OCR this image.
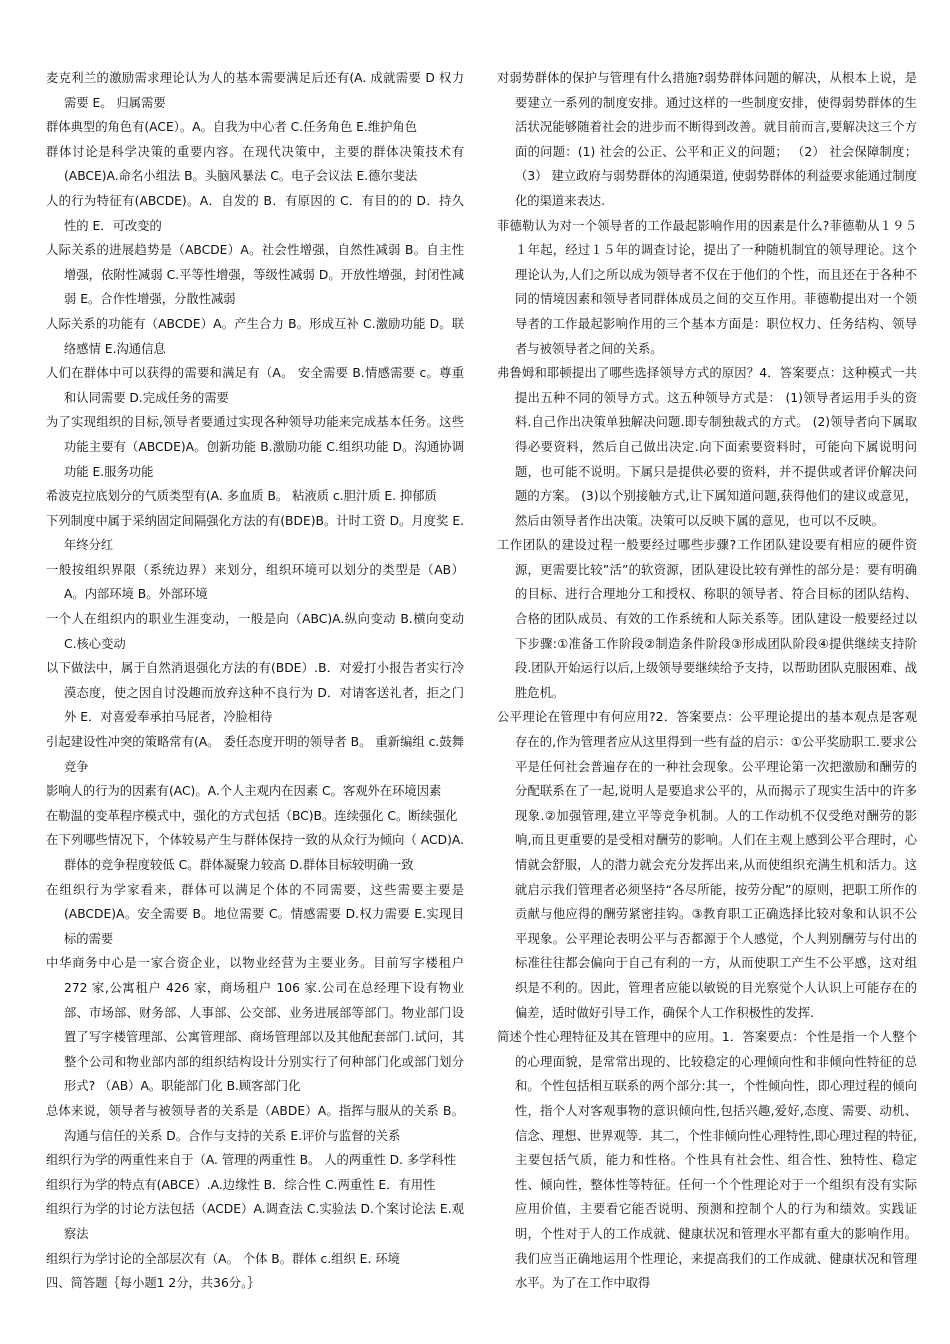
麦克利兰的激励需求理论认为人的基本需要满足后还有(A. 成就需要 D 权力需要 E。 归属需要

群体典型的角色有(ACE）。A。自我为中心者 C.任务角色 E.维护角色

群体讨论是科学决策的重要内容。在现代决策中，主要的群体决策技术有(ABCE)A.命名小组法 B。头脑风暴法 C。电子会议法 E.德尔斐法

人的行为特征有(ABCDE)。A．自发的 B．有原因的 C．有目的的 D．持久性的 E．可改变的

人际关系的进展趋势是（ABCDE）A。社会性增强，自然性减弱 B。自主性增强，依附性减弱 C.平等性增强，等级性减弱 D。开放性增强，封闭性减弱 E。合作性增强，分散性减弱

人际关系的功能有（ABCDE）A。产生合力 B。形成互补 C.激励功能 D。联络感情 E.沟通信息

人们在群体中可以获得的需要和满足有（A。 安全需要 B.情感需要 c。尊重和认同需要 D.完成任务的需要

为了实现组织的目标,领导者要通过实现各种领导功能来完成基本任务。这些功能主要有（ABCDE)A。创新功能 B.激励功能 C.组织功能 D。沟通协调功能 E.服务功能

希波克拉底划分的气质类型有(A. 多血质 B。 粘液质 c.胆汁质 E. 抑郁质

下列制度中属于采纳固定间隔强化方法的有(BDE)B。计时工资 D。月度奖 E.年终分红

一般按组织界限（系统边界）来划分，组织环境可以划分的类型是（AB）A。内部环境 B。外部环境

一个人在组织内的职业生涯变动，一般是向（ABC)A.纵向变动 B.横向变动 C.核心变动

以下做法中，属于自然消退强化方法的有(BDE）.B．对爱打小报告者实行冷漠态度，使之因自讨没趣而放弃这种不良行为 D．对请客送礼者，拒之门外 E．对喜爱奉承拍马屁者，冷脸相待

引起建设性冲突的策略常有(A。 委任态度开明的领导者 B。 重新编组 c.鼓舞竞争

影响人的行为的因素有(AC)。A.个人主观内在因素 C。客观外在环境因素

在勒温的变革程序模式中，强化的方式包括（BC)B。连续强化 C。断续强化

在下列哪些情况下，个体较易产生与群体保持一致的从众行为倾向（ ACD)A.群体的竞争程度较低 C。群体凝聚力较高 D.群体目标较明确一致

在组织行为学家看来，群体可以满足个体的不同需要，这些需要主要是(ABCDE)A。安全需要 B。地位需要 C。情感需要 D.权力需要 E.实现目标的需要

中华商务中心是一家合资企业，以物业经营为主要业务。目前写字楼租户 272 家,公寓租户 426 家，商场租户 106 家.公司在总经理下设有物业部、市场部、财务部、人事部、公交部、业务进展部等部门。物业部门设置了写字楼管理部、公寓管理部、商场管理部以及其他配套部门.试问，其整个公司和物业部内部的组织结构设计分别实行了何种部门化或部门划分形式? （AB）A。职能部门化 B.顾客部门化

总体来说，领导者与被领导者的关系是（ABDE）A。指挥与服从的关系 B。沟通与信任的关系 D。合作与支持的关系 E.评价与监督的关系

组织行为学的两重性来自于（A. 管理的两重性 B。 人的两重性 D. 多学科性

组织行为学的特点有(ABCE）.A.边缘性 B．综合性 C.两重性 E．有用性

组织行为学的讨论方法包括（ACDE）A.调查法 C.实验法 D.个案讨论法 E.观察法

组织行为学讨论的全部层次有（A。 个体 B。群体 c.组织 E. 环境

四、简答题｛每小题1 2分，共36分。｝

对弱势群体的保护与管理有什么措施?弱势群体问题的解决，从根本上说，是要建立一系列的制度安排。通过这样的一些制度安排，使得弱势群体的生活状况能够随着社会的进步而不断得到改善。就目前而言,要解决这三个方面的问题：(1) 社会的公正、公平和正义的问题； （2） 社会保障制度； （3） 建立政府与弱势群体的沟通渠道, 使弱势群体的利益要求能通过制度化的渠道来表达.

菲德勒认为对一个领导者的工作最起影响作用的因素是什么?菲德勒从１９５１年起，经过１５年的调查讨论，提出了一种随机制宜的领导理论。这个理论认为,人们之所以成为领导者不仅在于他们的个性，而且还在于各种不同的情境因素和领导者同群体成员之间的交互作用。菲德勒提出对一个领导者的工作最起影响作用的三个基本方面是：职位权力、任务结构、领导者与被领导者之间的关系。

弗鲁姆和耶顿提出了哪些选择领导方式的原因？4．答案要点：这种模式一共提出五种不同的领导方式。这五种领导方式是： (1)领导者运用手头的资料.自己作出决策单独解决问题.即专制独裁式的方式。 (2)领导者向下属取得必要资料，然后自己做出决定.向下面索要资料时，可能向下属说明问题，也可能不说明。下属只是提供必要的资料，并不提供或者评价解决问题的方案。 (3)以个别接触方式,让下属知道问题,获得他们的建议或意见，然后由领导者作出决策。决策可以反映下属的意见，也可以不反映。

工作团队的建设过程一般要经过哪些步骤?工作团队建设要有相应的硬件资源，更需要比较”活”的软资源，团队建设比较有弹性的部分是：要有明确的目标、进行合理地分工和授权、称职的领导者、符合目标的团队结构、合格的团队成员、有效的工作系统和人际关系等。团队建设一般要经过以下步骤:①准备工作阶段②制造条件阶段③形成团队阶段④提供继续支持阶段.团队开始运行以后,上级领导要继续给予支持，以帮助团队克服困难、战胜危机。

公平理论在管理中有何应用?2．答案要点：公平理论提出的基本观点是客观存在的,作为管理者应从这里得到一些有益的启示：①公平奖励职工.要求公平是任何社会普遍存在的一种社会现象。公平理论第一次把激励和酬劳的分配联系在了一起,说明人是要追求公平的，从而揭示了现实生活中的许多现象.②加强管理,建立平等竞争机制。人的工作动机不仅受绝对酬劳的影响,而且更重要的是受相对酬劳的影响。人们在主观上感到公平合理时，心情就会舒服，人的潜力就会充分发挥出来,从而使组织充满生机和活力。这就启示我们管理者必须坚持“各尽所能，按劳分配”的原则，把职工所作的贡献与他应得的酬劳紧密挂钩。③教育职工正确选择比较对象和认识不公平现象。公平理论表明公平与否都源于个人感觉，个人判别酬劳与付出的标准往往都会偏向于自己有利的一方，从而使职工产生不公平感，这对组织是不利的。因此，管理者应能以敏锐的目光察觉个人认识上可能存在的偏差，适时做好引导工作，确保个人工作积极性的发挥.

简述个性心理特征及其在管理中的应用。1．答案要点：个性是指一个人整个的心理面貌，是常常出现的、比较稳定的心理倾向性和非倾向性特征的总和。个性包括相互联系的两个部分:其一，个性倾向性，即心理过程的倾向性，指个人对客观事物的意识倾向性,包括兴趣,爱好,态度、需要、动机、信念、理想、世界观等．其二，个性非倾向性心理特性,即心理过程的特征,主要包括气质，能力和性格。个性具有社会性、组合性、独特性、稳定性、倾向性，整体性等特征。任何一个个性理论对于一个组织有没有实际应用价值，主要看它能否说明、预测和控制个人的行为和绩效。实践证明，个性对于人的工作成就、健康状况和管理水平都有重大的影响作用。我们应当正确地运用个性理论，来提高我们的工作成就、健康状况和管理水平。为了在工作中取得
